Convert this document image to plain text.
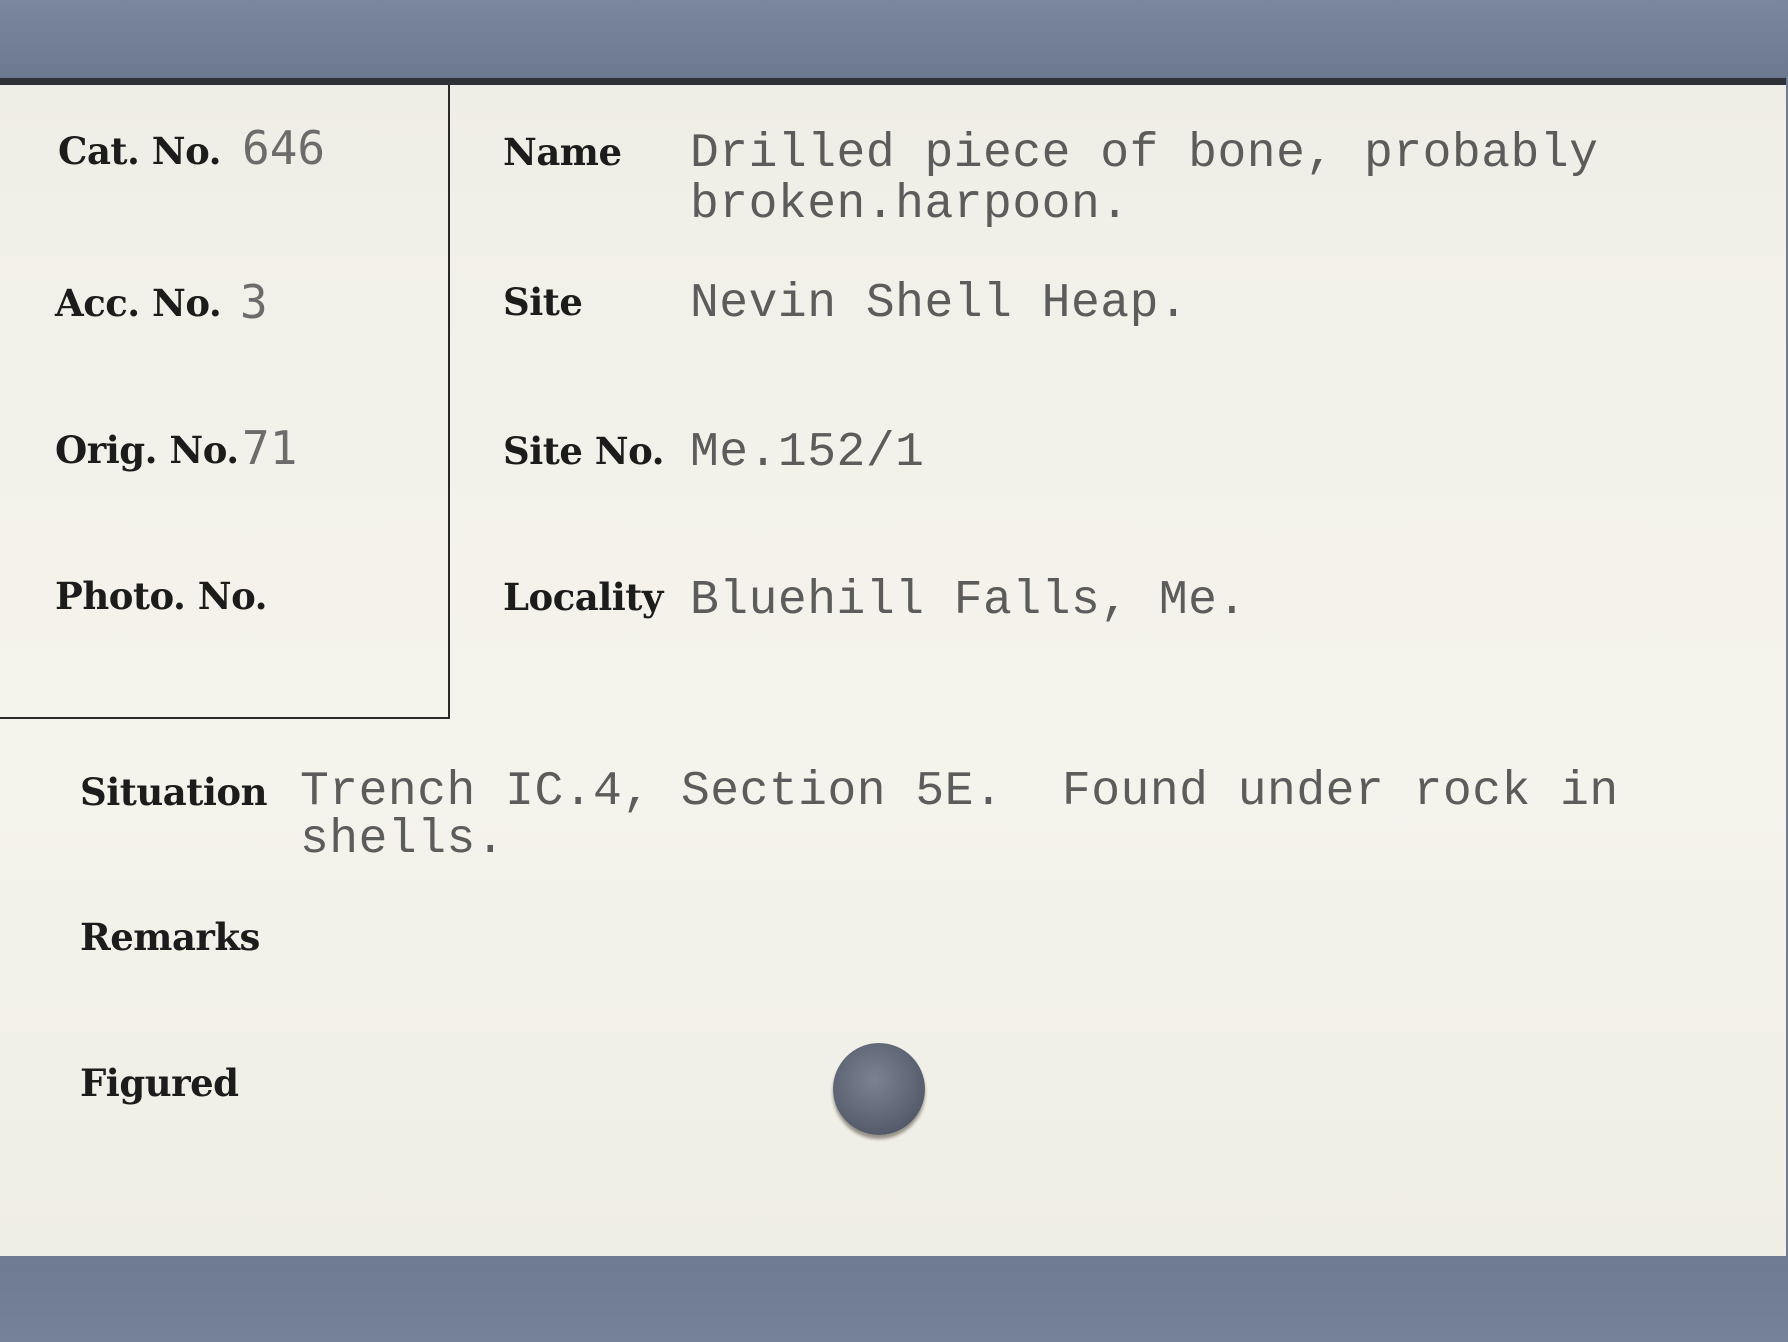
Cat. No. 646
Acc. No. 3
Orig. No. 71
Photo. No.
Name Drilled piece of bone, probably
broken.harpoon.
Site Nevin Shell Heap.
Site No. Me.152/1
Locality Bluehill Falls, Me.
Situation Trench IC.4, Section 5E.  Found under rock in
shells.
Remarks
Figured
